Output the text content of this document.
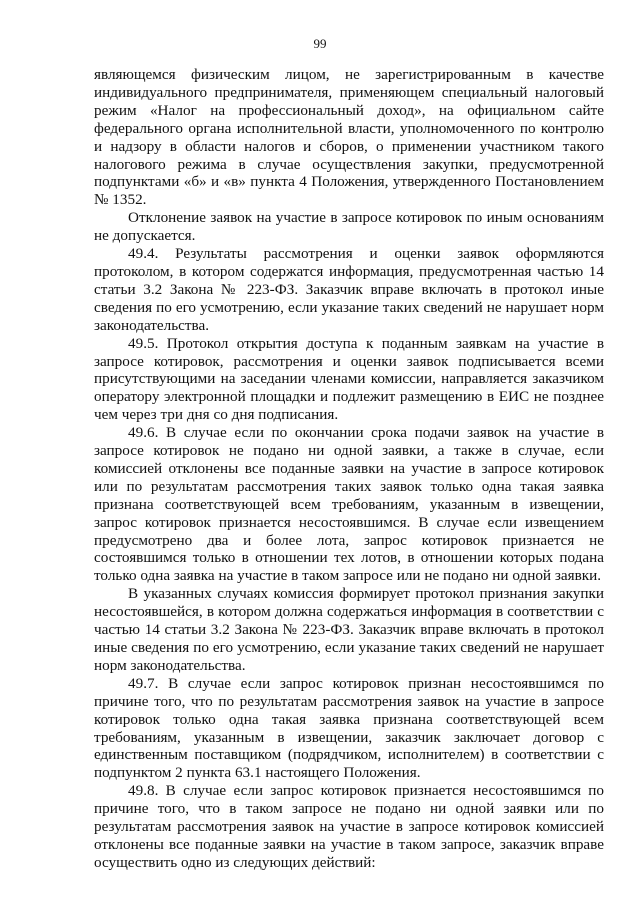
99

являющемся физическим лицом, не зарегистрированным в качестве индивидуального предпринимателя, применяющем специальный налоговый режим «Налог на профессиональный доход», на официальном сайте федерального органа исполнительной власти, уполномоченного по контролю и надзору в области налогов и сборов, о применении участником такого налогового режима в случае осуществления закупки, предусмотренной подпунктами «б» и «в» пункта 4 Положения, утвержденного Постановлением № 1352.

Отклонение заявок на участие в запросе котировок по иным основаниям не допускается.

49.4. Результаты рассмотрения и оценки заявок оформляются протоколом, в котором содержатся информация, предусмотренная частью 14 статьи 3.2 Закона № 223-ФЗ. Заказчик вправе включать в протокол иные сведения по его усмотрению, если указание таких сведений не нарушает норм законодательства.

49.5. Протокол открытия доступа к поданным заявкам на участие в запросе котировок, рассмотрения и оценки заявок подписывается всеми присутствующими на заседании членами комиссии, направляется заказчиком оператору электронной площадки и подлежит размещению в ЕИС не позднее чем через три дня со дня подписания.

49.6. В случае если по окончании срока подачи заявок на участие в запросе котировок не подано ни одной заявки, а также в случае, если комиссией отклонены все поданные заявки на участие в запросе котировок или по результатам рассмотрения таких заявок только одна такая заявка признана соответствующей всем требованиям, указанным в извещении, запрос котировок признается несостоявшимся. В случае если извещением предусмотрено два и более лота, запрос котировок признается не состоявшимся только в отношении тех лотов, в отношении которых подана только одна заявка на участие в таком запросе или не подано ни одной заявки.

В указанных случаях комиссия формирует протокол признания закупки несостоявшейся, в котором должна содержаться информация в соответствии с частью 14 статьи 3.2 Закона № 223-ФЗ. Заказчик вправе включать в протокол иные сведения по его усмотрению, если указание таких сведений не нарушает норм законодательства.

49.7. В случае если запрос котировок признан несостоявшимся по причине того, что по результатам рассмотрения заявок на участие в запросе котировок только одна такая заявка признана соответствующей всем требованиям, указанным в извещении, заказчик заключает договор с единственным поставщиком (подрядчиком, исполнителем) в соответствии с подпунктом 2 пункта 63.1 настоящего Положения.

49.8. В случае если запрос котировок признается несостоявшимся по причине того, что в таком запросе не подано ни одной заявки или по результатам рассмотрения заявок на участие в запросе котировок комиссией отклонены все поданные заявки на участие в таком запросе, заказчик вправе осуществить одно из следующих действий:
